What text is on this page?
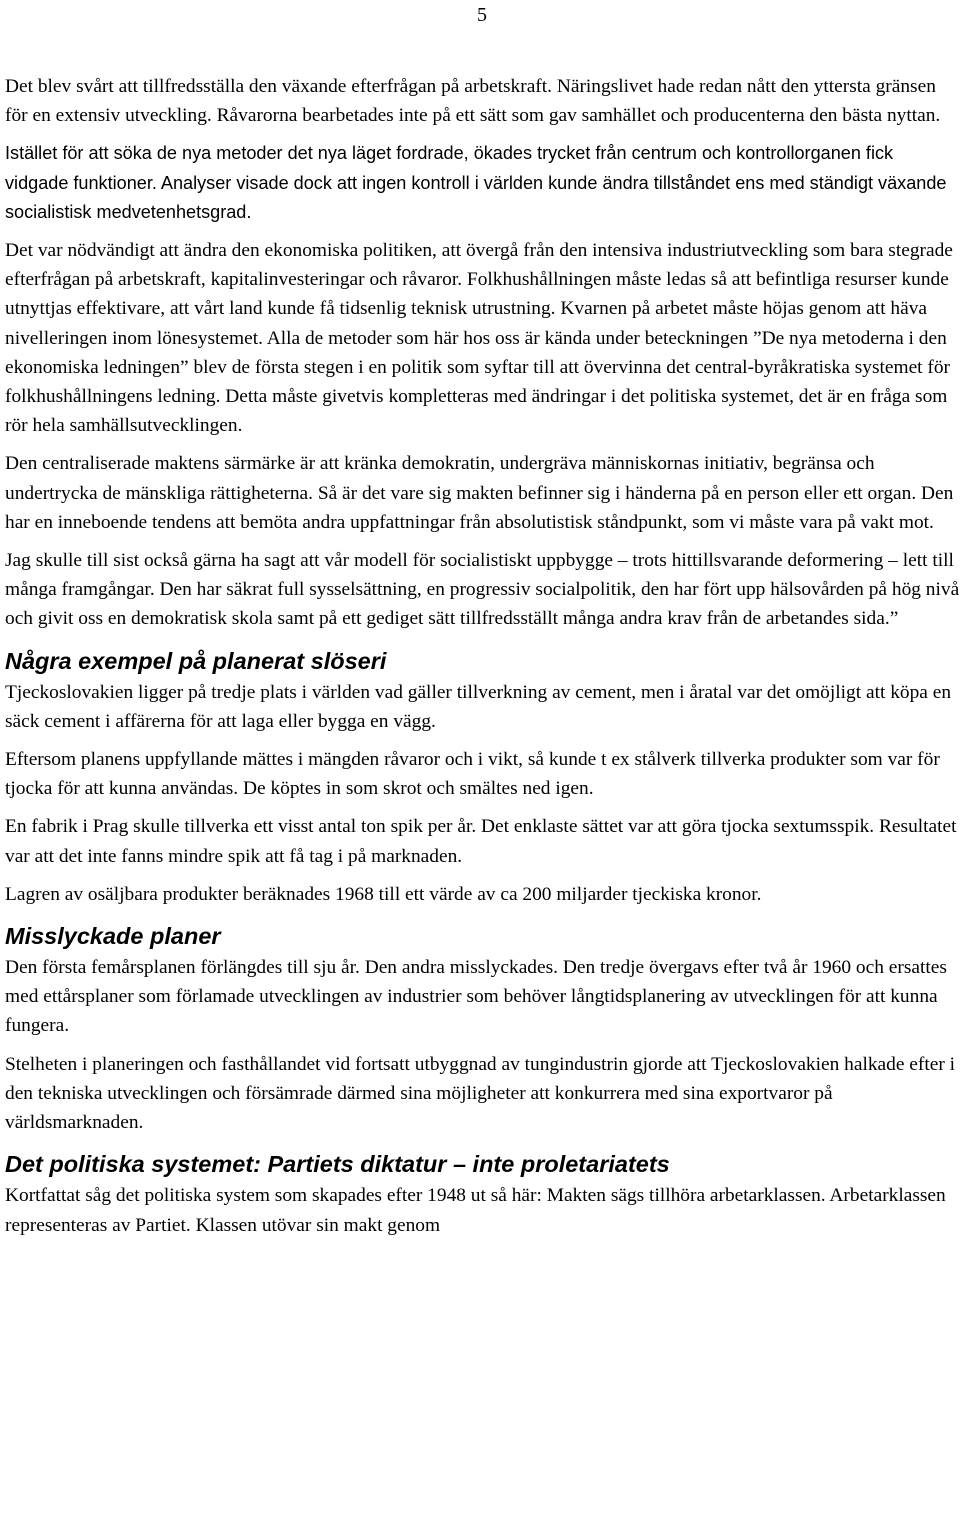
5

Det blev svårt att tillfredsställa den växande efterfrågan på arbetskraft. Näringslivet hade redan nått den yttersta gränsen för en extensiv utveckling. Råvarorna bearbetades inte på ett sätt som gav samhället och producenterna den bästa nyttan.

Istället för att söka de nya metoder det nya läget fordrade, ökades trycket från centrum och kontrollorganen fick vidgade funktioner. Analyser visade dock att ingen kontroll i världen kunde ändra tillståndet ens med ständigt växande socialistisk medvetenhetsgrad.

Det var nödvändigt att ändra den ekonomiska politiken, att övergå från den intensiva industriutveckling som bara stegrade efterfrågan på arbetskraft, kapitalinvesteringar och råvaror. Folkhushållningen måste ledas så att befintliga resurser kunde utnyttjas effektivare, att vårt land kunde få tidsenlig teknisk utrustning. Kvarnen på arbetet måste höjas genom att häva nivelleringen inom lönesystemet. Alla de metoder som här hos oss är kända under beteckningen ”De nya metoderna i den ekonomiska ledningen” blev de första stegen i en politik som syftar till att övervinna det central-byråkratiska systemet för folkhushållningens ledning. Detta måste givetvis kompletteras med ändringar i det politiska systemet, det är en fråga som rör hela samhällsutvecklingen.

Den centraliserade maktens särmärke är att kränka demokratin, undergräva människornas initiativ, begränsa och undertrycka de mänskliga rättigheterna. Så är det vare sig makten befinner sig i händerna på en person eller ett organ. Den har en inneboende tendens att bemöta andra uppfattningar från absolutistisk ståndpunkt, som vi måste vara på vakt mot.

Jag skulle till sist också gärna ha sagt att vår modell för socialistiskt uppbygge – trots hittillsvarande deformering – lett till många framgångar. Den har säkrat full sysselsättning, en progressiv socialpolitik, den har fört upp hälsovården på hög nivå och givit oss en demokratisk skola samt på ett gediget sätt tillfredsställt många andra krav från de arbetandes sida.”

Några exempel på planerat slöseri

Tjeckoslovakien ligger på tredje plats i världen vad gäller tillverkning av cement, men i åratal var det omöjligt att köpa en säck cement i affärerna för att laga eller bygga en vägg.

Eftersom planens uppfyllande mättes i mängden råvaror och i vikt, så kunde t ex stålverk tillverka produkter som var för tjocka för att kunna användas. De köptes in som skrot och smältes ned igen.

En fabrik i Prag skulle tillverka ett visst antal ton spik per år. Det enklaste sättet var att göra tjocka sextumsspik. Resultatet var att det inte fanns mindre spik att få tag i på marknaden.

Lagren av osäljbara produkter beräknades 1968 till ett värde av ca 200 miljarder tjeckiska kronor.

Misslyckade planer

Den första femårsplanen förlängdes till sju år. Den andra misslyckades. Den tredje övergavs efter två år 1960 och ersattes med ettårsplaner som förlamade utvecklingen av industrier som behöver långtidsplanering av utvecklingen för att kunna fungera.

Stelheten i planeringen och fasthållandet vid fortsatt utbyggnad av tungindustrin gjorde att Tjeckoslovakien halkade efter i den tekniska utvecklingen och försämrade därmed sina möjligheter att konkurrera med sina exportvaror på världsmarknaden.

Det politiska systemet: Partiets diktatur – inte proletariatets

Kortfattat såg det politiska system som skapades efter 1948 ut så här: Makten sägs tillhöra arbetarklassen. Arbetarklassen representeras av Partiet. Klassen utövar sin makt genom
